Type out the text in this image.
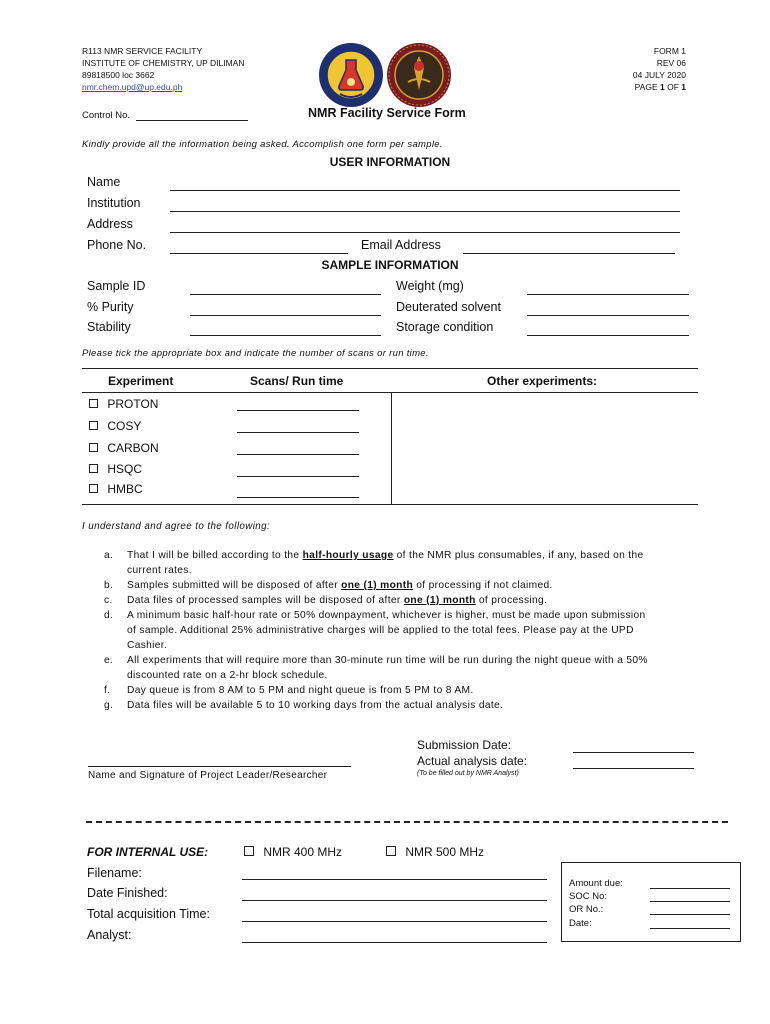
R113 NMR SERVICE FACILITY
INSTITUTE OF CHEMISTRY, UP DILIMAN
89818500 loc 3662
nmr.chem.upd@up.edu.ph
FORM 1
REV 06
04 JULY 2020
PAGE 1 OF 1
Control No.	NMR Facility Service Form
Kindly provide all the information being asked. Accomplish one form per sample.
USER INFORMATION
Name
Institution
Address
Phone No.	Email Address
SAMPLE INFORMATION
Sample ID	Weight (mg)
% Purity	Deuterated solvent
Stability	Storage condition
Please tick the appropriate box and indicate the number of scans or run time.
Experiment	Scans/ Run time	Other experiments:
PROTON
COSY
CARBON
HSQC
HMBC
I understand and agree to the following:
a. That I will be billed according to the half-hourly usage of the NMR plus consumables, if any, based on the
current rates.
b. Samples submitted will be disposed of after one (1) month of processing if not claimed.
c. Data files of processed samples will be disposed of after one (1) month of processing.
d. A minimum basic half-hour rate or 50% downpayment, whichever is higher, must be made upon submission
of sample. Additional 25% administrative charges will be applied to the total fees. Please pay at the UPD
Cashier.
e. All experiments that will require more than 30-minute run time will be run during the night queue with a 50%
discounted rate on a 2-hr block schedule.
f. Day queue is from 8 AM to 5 PM and night queue is from 5 PM to 8 AM.
g. Data files will be available 5 to 10 working days from the actual analysis date.
Name and Signature of Project Leader/Researcher
Submission Date:
Actual analysis date:
(To be filled out by NMR Analyst)
FOR INTERNAL USE:	NMR 400 MHz	NMR 500 MHz
Filename:
Date Finished:
Total acquisition Time:
Analyst:
Amount due:
SOC No:
OR No.:
Date:
